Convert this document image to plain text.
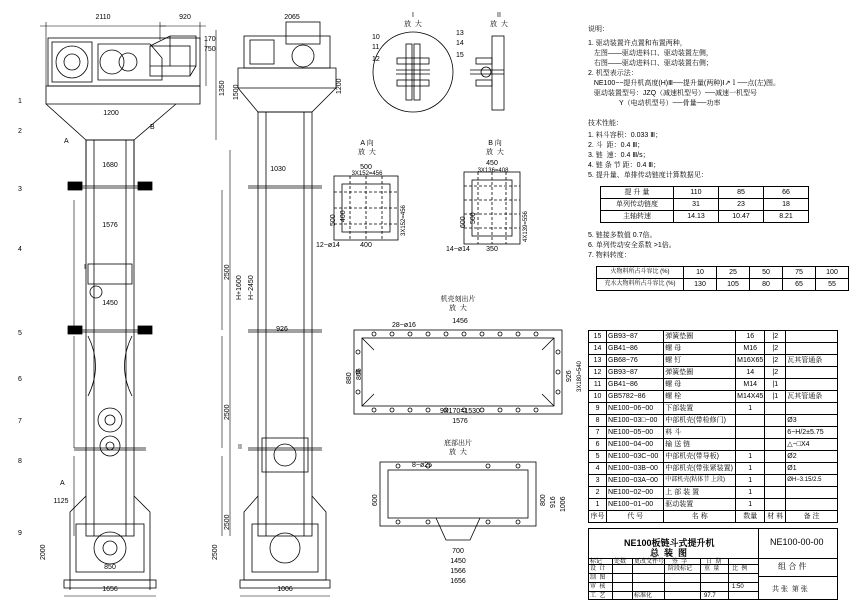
2110	920
170
750
1350 1500
1200
1680
1576
2500
1450
2500
H+1600 H−2450
2500
1125
2500
2000
850
1656
2065
1200
1030
926
1006
1
2
3
4
5
6
7
8
9
B
A
A
I
II
I
放  大
10
11
12
II
放  大
13
14
15
A 向
放  大
500
400
500 400
3X152=456
3X152=456
12−ø14
B 向
放  大
450
350
600 500
3X136=408
4X139=556
14−ø14
机壳刻出片
放  大
1456
1576
880 806	926 3X180=540
28−ø16
9X170=1530
底部出片
放  大
600	800 916 1006
8−ø25
700
1450
1566
1656
说明：
1. 驱动装置许点置和布置两种，
左图——驱动进料口、驱动装置左侧，
右图——驱动进料口、驱动装置右侧；
2. 机型表示法：
NE100−−提升机高度(H)Ⅲ──提升量(两种)Ⅰ↗ｌ──点(左)图。
驱动装置型号：JZQ（减速机型号）──减速一机型号
Y（电动机型号）──骨量──功率
技术性能：
1. 料斗容积：0.033 Ⅲ；
2. 斗  距：0.4 Ⅲ；
3. 链  速：0.4 Ⅲ/s；
4. 链 条 节 距：0.4 Ⅲ；
5. 提升量、单排传动链度计算数据见：
提 升 量	110	85	66
单列传动链度	31	23	18
主轴转速	14.13	10.47	8.21
5. 链接多数值 0.7倍。
6. 单列传动安全系数 >1倍。
7. 物料转度：
火物料所占斗容比 (%)	10	25	50	75	100
充水大物料所占斗容比 (%)	130	105	80	65	55
15	GB93−87	弹簧垫圈	16	|2	
14	GB41−86	螺 母	M16	|2	
13	GB68−76	螺 钉	M16X65	|2	瓦其管通条
12	GB93−87	弹簧垫圈	14	|2	
11	GB41−86	螺 母	M14	|1	
10	GB5782−86	螺 栓	M14X45	|1	瓦其管通条
9	NE100−06−00	下部装置	1		
8	NE100−03□−00	中部机壳(带检修门)			Ø3
7	NE100−05−00	料 斗			6−H/2±5.75
6	NE100−04−00	输 送 链			△−□X4
5	NE100−03C−00	中部机壳(带导板)	1		Ø2
4	NE100−03B−00	中部机壳(带张紧装置)	1		Ø1
3	NE100−03A−00	中部机壳(粘体节 上段)	1		ØH−3.15/2.5
2	NE100−02−00	上 部 装 置	1		
1	NE100−01−00	驱动装置	1		
序号	代 号	名 称	数量	材 料	备 注
NE100板链斗式提升机
总  装  图
NE100-00-00
组 合 件
共 张  第 张
标记 处数 更改文件号 签  字	日  期
设  计
制  图
审  核
工  艺	标准化
阶段标记 重  量 比  例
97.7
1:50
